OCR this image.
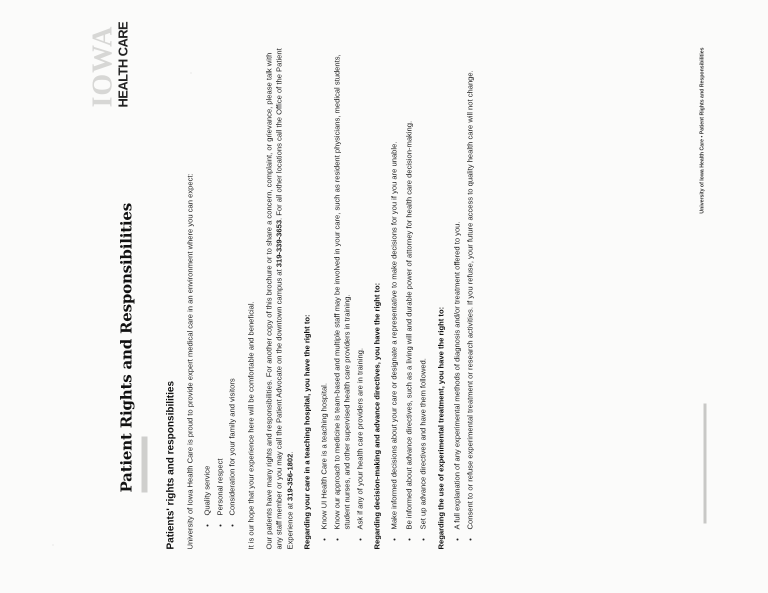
Patient Rights and Responsibilities
IOWA
HEALTH CARE
Patients' rights and responsibilities University of Iowa Health Care is proud to provide expert medical care in an environment where you can expect: • Quality service • Personal respect • Consideration for your family and visitors It is our hope that your experience here will be comfortable and beneficial. Our patients have many rights and responsibilities. For another copy of this brochure or to share a concern, complaint, or grievance, please talk with any staff member or you may call the Patient Advocate on the downtown campus at 319-339-3653. For all other locations call the Office of the Patient Experience at 319-356-1802. Regarding your care in a teaching hospital, you have the right to: • Know UI Health Care is a teaching hospital. • Know our approach to medicine is team-based and multiple staff may be involved in your care, such as resident physicians, medical students, student nurses, and other supervised health care providers in training. • Ask if any of your health care providers are in training. Regarding decision-making and advance directives, you have the right to: • Make informed decisions about your care or designate a representative to make decisions for you if you are unable. • Be informed about advance directives, such as a living will and durable power of attorney for health care decision-making. • Set up advance directives and have them followed. Regarding the use of experimental treatment, you have the right to: • A full explanation of any experimental methods of diagnosis and/or treatment offered to you. • Consent to or refuse experimental treatment or research activities. If you refuse, your future access to quality health care will not change.	University of Iowa Health Care • Patient Rights and Responsibilities
